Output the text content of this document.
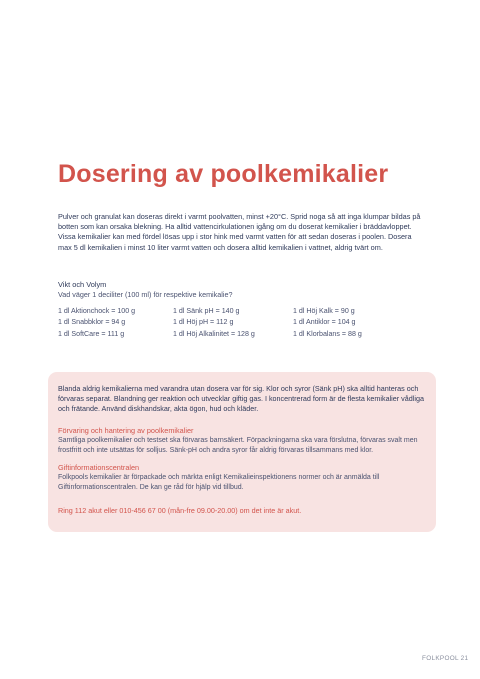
Dosering av poolkemikalier

Pulver och granulat kan doseras direkt i varmt poolvatten, minst +20°C. Sprid noga så att inga klumpar bildas på botten som kan orsaka blekning. Ha alltid vattencirkulationen igång om du doserat kemikalier i bräddavloppet. Vissa kemikalier kan med fördel lösas upp i stor hink med varmt vatten för att sedan doseras i poolen. Dosera max 5 dl kemikalien i minst 10 liter varmt vatten och dosera alltid kemikalien i vattnet, aldrig tvärt om.

Vikt och Volym

Vad väger 1 deciliter (100 ml) för respektive kemikalie?

1 dl Aktionchock = 100 g
1 dl Snabbklor = 94 g
1 dl SoftCare = 111 g
1 dl Sänk pH = 140 g
1 dl Höj pH = 112 g
1 dl Höj Alkalinitet = 128 g
1 dl Höj Kalk = 90 g
1 dl Antiklor = 104 g
1 dl Klorbalans = 88 g

Blanda aldrig kemikalierna med varandra utan dosera var för sig. Klor och syror (Sänk pH) ska alltid hanteras och förvaras separat. Blandning ger reaktion och utvecklar giftig gas. I koncentrerad form är de flesta kemikalier vådliga och frätande. Använd diskhandskar, akta ögon, hud och kläder.

Förvaring och hantering av poolkemikalier

Samtliga poolkemikalier och testset ska förvaras barnsäkert. Förpackningarna ska vara förslutna, förvaras svalt men frostfritt och inte utsättas för solljus. Sänk-pH och andra syror får aldrig förvaras tillsammans med klor.

Giftinformationscentralen

Folkpools kemikalier är förpackade och märkta enligt Kemikalieinspektionens normer och är anmälda till Giftinformationscentralen. De kan ge råd för hjälp vid tillbud.

Ring 112 akut eller 010-456 67 00 (mån-fre 09.00-20.00) om det inte är akut.

FOLKPOOL 21
